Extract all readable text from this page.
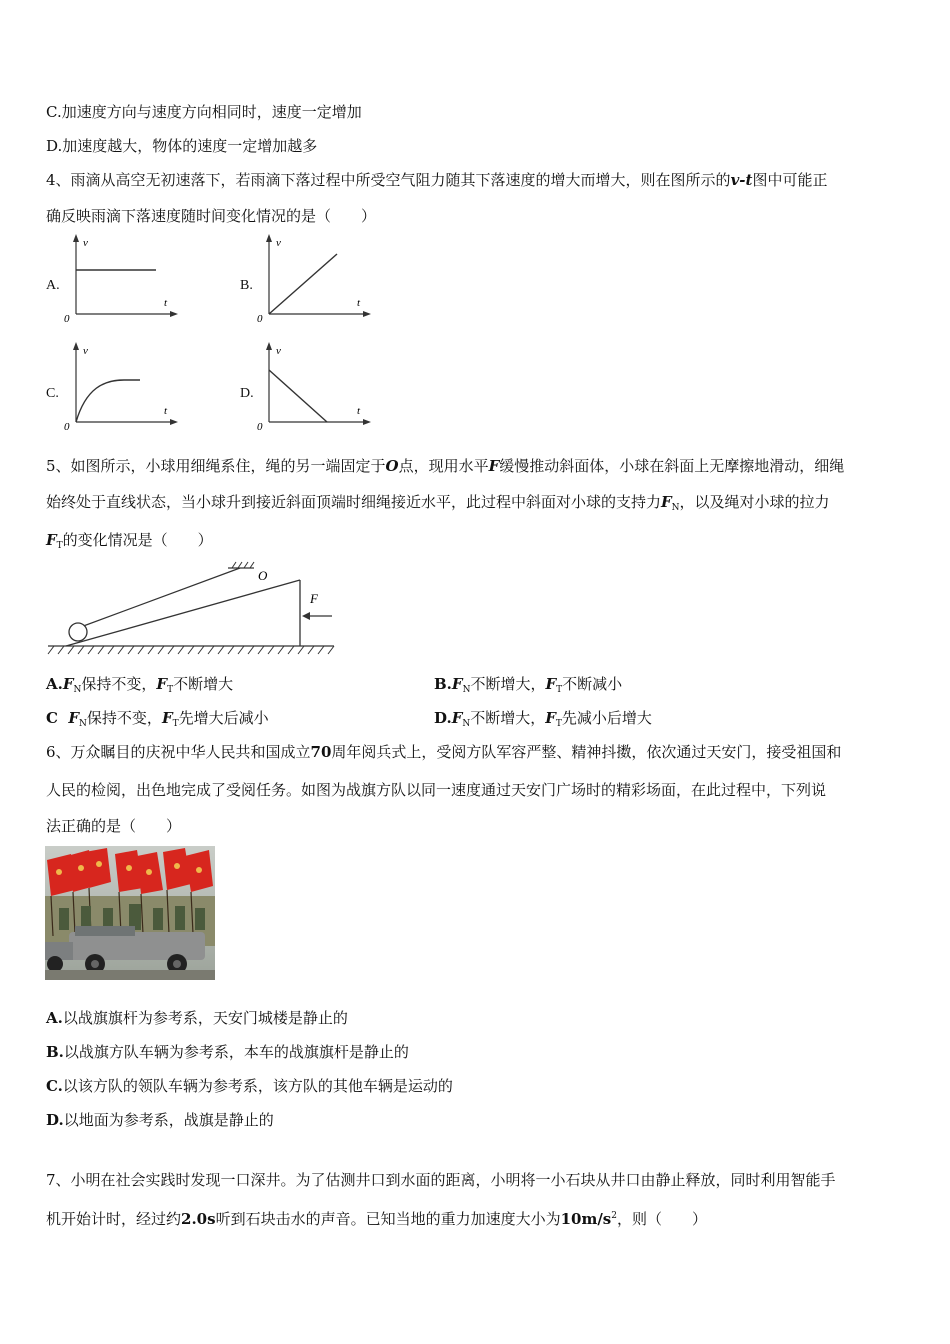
C.加速度方向与速度方向相同时，速度一定增加
D.加速度越大，物体的速度一定增加越多
4、雨滴从高空无初速落下，若雨滴下落过程中所受空气阻力随其下落速度的增大而增大，则在图所示的v-t图中可能正
确反映雨滴下落速度随时间变化情况的是（　　）
A.
v
t
0
B.
v
t
0
C.
v
t
0
D.
v
t
0
5、如图所示，小球用细绳系住，绳的另一端固定于O点，现用水平F缓慢推动斜面体，小球在斜面上无摩擦地滑动，细绳
始终处于直线状态，当小球升到接近斜面顶端时细绳接近水平，此过程中斜面对小球的支持力$F_N$，以及绳对小球的拉力
$F_T$的变化情况是（　　）
O
F
$A.F_N$保持不变，$F_T$不断增大	$B.F_N$不断增大，$F_T$不断减小
C  $F_N$保持不变，$F_T$先增大后减小	$D.F_N$不断增大，$F_T$先减小后增大
6、万众瞩目的庆祝中华人民共和国成立70周年阅兵式上，受阅方队军容严整、精神抖擞，依次通过天安门，接受祖国和
人民的检阅，出色地完成了受阅任务。如图为战旗方队以同一速度通过天安门广场时的精彩场面，在此过程中，下列说
法正确的是（　　）
A.以战旗旗杆为参考系，天安门城楼是静止的
B.以战旗方队车辆为参考系，本车的战旗旗杆是静止的
C.以该方队的领队车辆为参考系，该方队的其他车辆是运动的
D.以地面为参考系，战旗是静止的
7、小明在社会实践时发现一口深井。为了估测井口到水面的距离，小明将一小石块从井口由静止释放，同时利用智能手
机开始计时，经过约2.0s听到石块击水的声音。已知当地的重力加速度大小为$10m/s^2$，则（　　）
